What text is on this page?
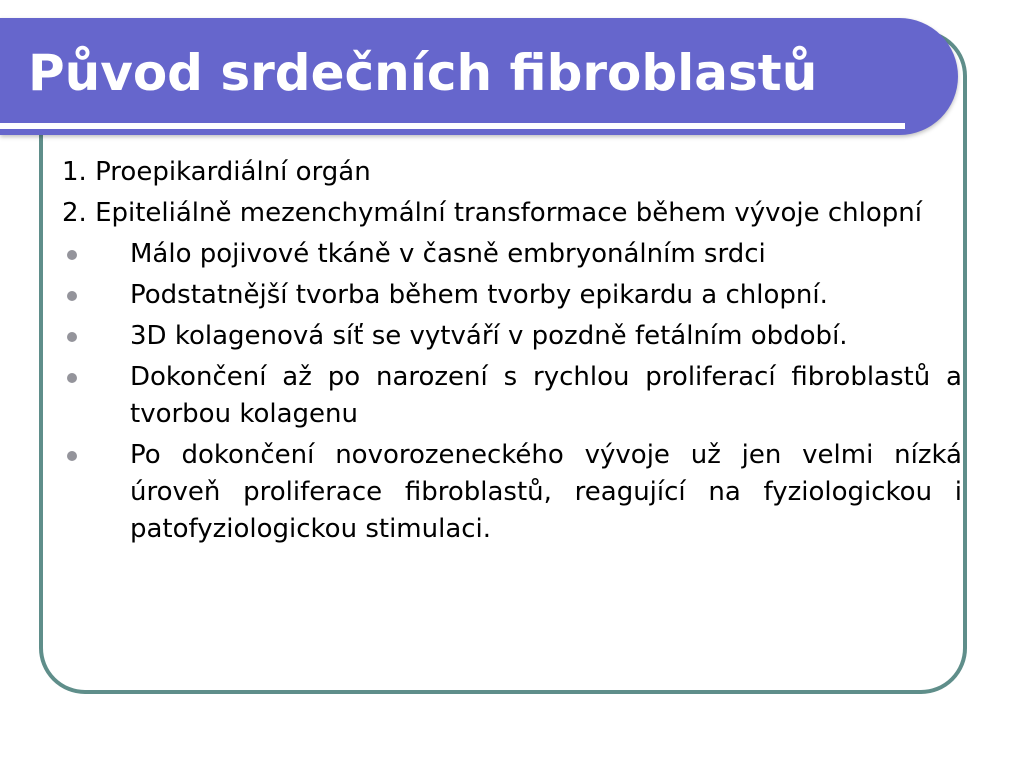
Původ srdečních fibroblastů
1. Proepikardiální orgán
2. Epiteliálně mezenchymální transformace během vývoje chlopní
Málo pojivové tkáně v časně embryonálním srdci
Podstatnější tvorba během tvorby epikardu a chlopní.
3D kolagenová síť se vytváří v pozdně fetálním období.
Dokončení až po narození s rychlou proliferací fibroblastů a tvorbou kolagenu
Po dokončení novorozeneckého vývoje už jen velmi nízká úroveň proliferace fibroblastů, reagující na fyziologickou i patofyziologickou stimulaci.
